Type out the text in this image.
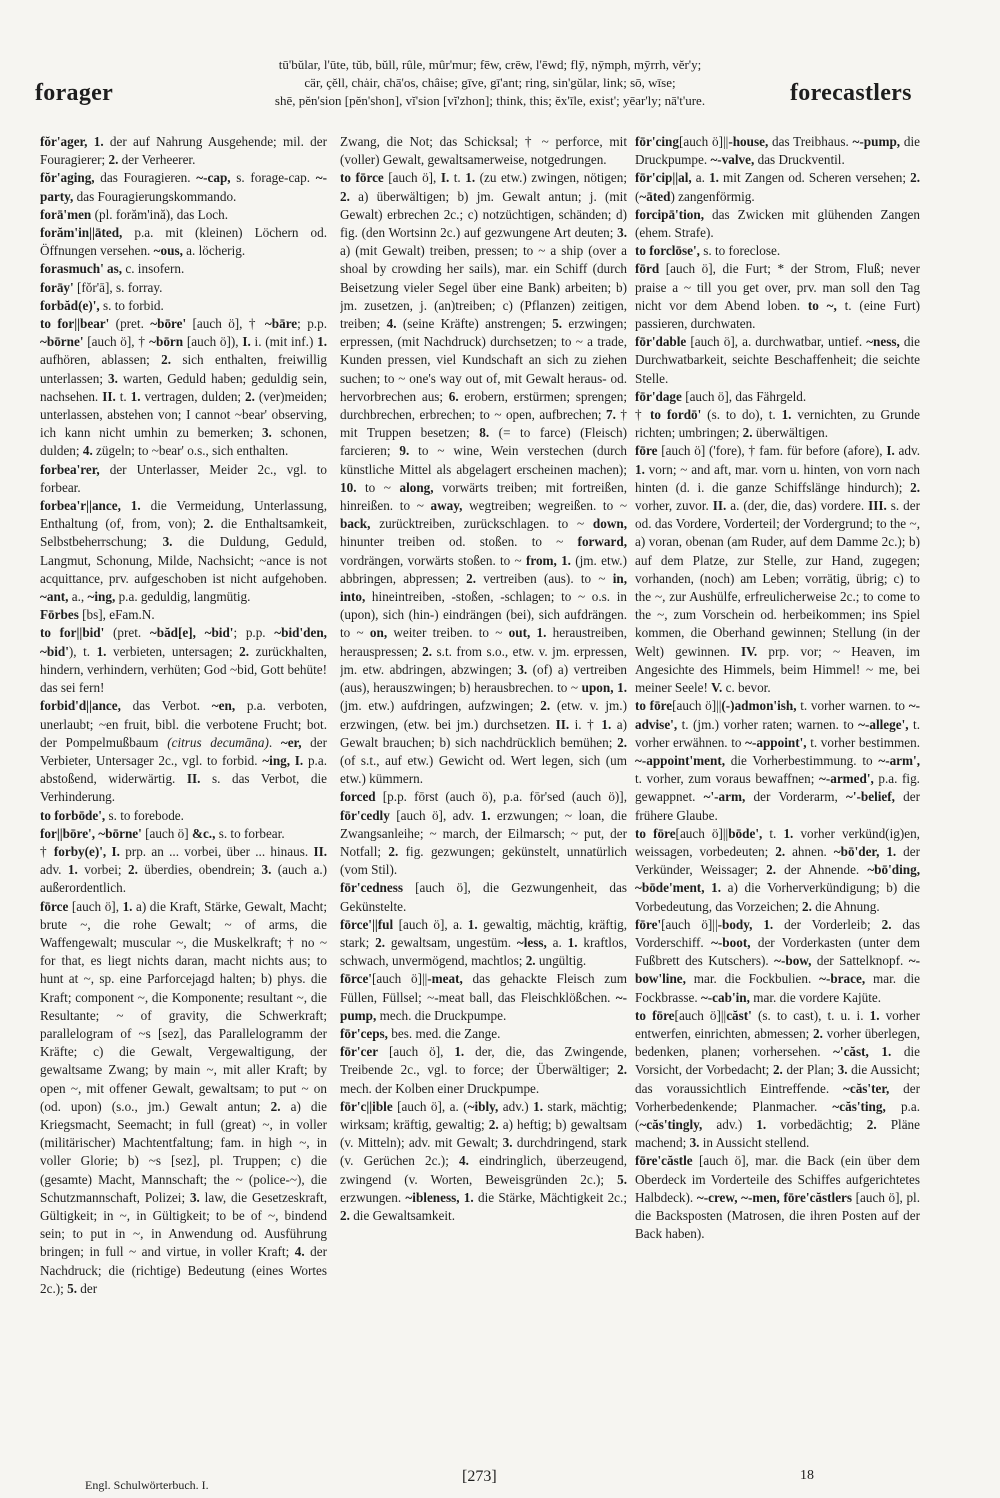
forager
tū'bŭlar, l'ūte, tŭb, bŭll, rûle, mûr'mur; fēw, crēw, l'ēwd; flȳ, nȳmph, mȳrrh, vĕr'y;
cär, çĕll, chȧir, chā'os, châise; gīve, gī'ant; ring, sin'gŭlar, link; sō, wīse;
shē, pĕn'sion [pĕn'shon], vĭ'sion [vĭ'zhon]; think, this; ĕx'īle, exist'; yēar'ly; nā't'ure.	forecastlers

fŏr'ager, 1. der auf Nahrung Ausgehende; mil. der Fouragierer; 2. der Verheerer.

fŏr'aging, das Fouragieren. ~-cap, s. forage-cap. ~-party, das Fouragierungskommando.

forā'men (pl. forăm'ină), das Loch.

forăm'in||āted, p.a. mit (kleinen) Löchern od. Öffnungen versehen. ~ous, a. löcherig.

forasmuch' as, c. insofern.

forāy' [fŏr'ā], s. forray.

forbăd(e)', s. to forbid.

to for||bear' (pret. ~bōre' [auch ö], † ~bāre; p.p. ~bōrne' [auch ö], † ~bōrn [auch ö]), I. i. (mit inf.) 1. aufhören, ablassen; 2. sich enthalten, freiwillig unterlassen; 3. warten, Geduld haben; geduldig sein, nachsehen. II. t. 1. vertragen, dulden; 2. (ver)meiden; unterlassen, abstehen von; I cannot ~bear' observing, ich kann nicht umhin zu bemerken; 3. schonen, dulden; 4. zügeln; to ~bear' o.s., sich enthalten.

forbea'rer, der Unterlasser, Meider 2c., vgl. to forbear.

forbea'r||ance, 1. die Vermeidung, Unterlassung, Enthaltung (of, from, von); 2. die Enthaltsamkeit, Selbstbeherrschung; 3. die Duldung, Geduld, Langmut, Schonung, Milde, Nachsicht; ~ance is not acquittance, prv. aufgeschoben ist nicht aufgehoben. ~ant, a., ~ing, p.a. geduldig, langmütig.

Fōrbes [bs], eFam.N.

to for||bid' (pret. ~băd[e], ~bid'; p.p. ~bid'den, ~bid'), t. 1. verbieten, untersagen; 2. zurückhalten, hindern, verhindern, verhüten; God ~bid, Gott behüte! das sei fern!

forbid'd||ance, das Verbot. ~en, p.a. verboten, unerlaubt; ~en fruit, bibl. die verbotene Frucht; bot. der Pompelmußbaum (citrus decumāna). ~er, der Verbieter, Untersager 2c., vgl. to forbid. ~ing, I. p.a. abstoßend, widerwärtig. II. s. das Verbot, die Verhinderung.

to forbōde', s. to forebode.

for||bōre', ~bōrne' [auch ö] &c., s. to forbear.

† forby(e)', I. prp. an ... vorbei, über ... hinaus. II. adv. 1. vorbei; 2. überdies, obendrein; 3. (auch a.) außerordentlich.

fōrce [auch ö], 1. a) die Kraft, Stärke, Gewalt, Macht; brute ~, die rohe Gewalt; ~ of arms, die Waffengewalt; muscular ~, die Muskelkraft; † no ~ for that, es liegt nichts daran, macht nichts aus; to hunt at ~, sp. eine Parforcejagd halten; b) phys. die Kraft; component ~, die Komponente; resultant ~, die Resultante; ~ of gravity, die Schwerkraft; parallelogram of ~s [sez], das Parallelogramm der Kräfte; c) die Gewalt, Vergewaltigung, der gewaltsame Zwang; by main ~, mit aller Kraft; by open ~, mit offener Gewalt, gewaltsam; to put ~ on (od. upon) (s.o., jm.) Gewalt antun; 2. a) die Kriegsmacht, Seemacht; in full (great) ~, in voller (militärischer) Machtentfaltung; fam. in high ~, in voller Glorie; b) ~s [sez], pl. Truppen; c) die (gesamte) Macht, Mannschaft; the ~ (police-~), die Schutzmannschaft, Polizei; 3. law, die Gesetzeskraft, Gültigkeit; in ~, in Gültigkeit; to be of ~, bindend sein; to put in ~, in Anwendung od. Ausführung bringen; in full ~ and virtue, in voller Kraft; 4. der Nachdruck; die (richtige) Bedeutung (eines Wortes 2c.); 5. der

Zwang, die Not; das Schicksal; † ~ perforce, mit (voller) Gewalt, gewaltsamerweise, notgedrungen.

to fōrce [auch ö], I. t. 1. (zu etw.) zwingen, nötigen; 2. a) überwältigen; b) jm. Gewalt antun; j. (mit Gewalt) erbrechen 2c.; c) notzüchtigen, schänden; d) fig. (den Wortsinn 2c.) auf gezwungene Art deuten; 3. a) (mit Gewalt) treiben, pressen; to ~ a ship (over a shoal by crowding her sails), mar. ein Schiff (durch Beisetzung vieler Segel über eine Bank) arbeiten; b) jm. zusetzen, j. (an)treiben; c) (Pflanzen) zeitigen, treiben; 4. (seine Kräfte) anstrengen; 5. erzwingen; erpressen, (mit Nachdruck) durchsetzen; to ~ a trade, Kunden pressen, viel Kundschaft an sich zu ziehen suchen; to ~ one's way out of, mit Gewalt heraus- od. hervorbrechen aus; 6. erobern, erstürmen; sprengen; durchbrechen, erbrechen; to ~ open, aufbrechen; 7. † mit Truppen besetzen; 8. (= to farce) (Fleisch) farcieren; 9. to ~ wine, Wein verstechen (durch künstliche Mittel als abgelagert erscheinen machen); 10. to ~ along, vorwärts treiben; mit fortreißen, hinreißen. to ~ away, wegtreiben; wegreißen. to ~ back, zurücktreiben, zurückschlagen. to ~ down, hinunter treiben od. stoßen. to ~ forward, vordrängen, vorwärts stoßen. to ~ from, 1. (jm. etw.) abbringen, abpressen; 2. vertreiben (aus). to ~ in, into, hineintreiben, -stoßen, -schlagen; to ~ o.s. in (upon), sich (hin-) eindrängen (bei), sich aufdrängen. to ~ on, weiter treiben. to ~ out, 1. heraustreiben, herauspressen; 2. s.t. from s.o., etw. v. jm. erpressen, jm. etw. abdringen, abzwingen; 3. (of) a) vertreiben (aus), herauszwingen; b) herausbrechen. to ~ upon, 1. (jm. etw.) aufdringen, aufzwingen; 2. (etw. v. jm.) erzwingen, (etw. bei jm.) durchsetzen. II. i. † 1. a) Gewalt brauchen; b) sich nachdrücklich bemühen; 2. (of s.t., auf etw.) Gewicht od. Wert legen, sich (um etw.) kümmern.

forced [p.p. fōrst (auch ö), p.a. fōr'sed (auch ö)], fōr'cedly [auch ö], adv. 1. erzwungen; ~ loan, die Zwangsanleihe; ~ march, der Eilmarsch; ~ put, der Notfall; 2. fig. gezwungen; gekünstelt, unnatürlich (vom Stil).

fōr'cedness [auch ö], die Gezwungenheit, das Gekünstelte.

fōrce'||ful [auch ö], a. 1. gewaltig, mächtig, kräftig, stark; 2. gewaltsam, ungestüm. ~less, a. 1. kraftlos, schwach, unvermögend, machtlos; 2. ungültig.

fōrce'[auch ö]||-meat, das gehackte Fleisch zum Füllen, Füllsel; ~-meat ball, das Fleischklößchen. ~-pump, mech. die Druckpumpe.

fōr'ceps, bes. med. die Zange.

fōr'cer [auch ö], 1. der, die, das Zwingende, Treibende 2c., vgl. to force; der Überwältiger; 2. mech. der Kolben einer Druckpumpe.

fōr'c||ible [auch ö], a. (~ibly, adv.) 1. stark, mächtig; wirksam; kräftig, gewaltig; 2. a) heftig; b) gewaltsam (v. Mitteln); adv. mit Gewalt; 3. durchdringend, stark (v. Gerüchen 2c.); 4. eindringlich, überzeugend, zwingend (v. Worten, Beweisgründen 2c.); 5. erzwungen. ~ibleness, 1. die Stärke, Mächtigkeit 2c.; 2. die Gewaltsamkeit.

fōr'cing[auch ö]||-house, das Treibhaus. ~-pump, die Druckpumpe. ~-valve, das Druckventil.

fōr'cip||al, a. 1. mit Zangen od. Scheren versehen; 2. (~āted) zangenförmig.

forcipā'tion, das Zwicken mit glühenden Zangen (ehem. Strafe).

to forclōse', s. to foreclose.

fōrd [auch ö], die Furt; * der Strom, Fluß; never praise a ~ till you get over, prv. man soll den Tag nicht vor dem Abend loben. to ~, t. (eine Furt) passieren, durchwaten.

fōr'dable [auch ö], a. durchwatbar, untief. ~ness, die Durchwatbarkeit, seichte Beschaffenheit; die seichte Stelle.

fōr'dage [auch ö], das Fährgeld.

† to fordō' (s. to do), t. 1. vernichten, zu Grunde richten; umbringen; 2. überwältigen.

fōre [auch ö] ('fore), † fam. für before (afore), I. adv. 1. vorn; ~ and aft, mar. vorn u. hinten, von vorn nach hinten (d. i. die ganze Schiffslänge hindurch); 2. vorher, zuvor. II. a. (der, die, das) vordere. III. s. der od. das Vordere, Vorderteil; der Vordergrund; to the ~, a) voran, obenan (am Ruder, auf dem Damme 2c.); b) auf dem Platze, zur Stelle, zur Hand, zugegen; vorhanden, (noch) am Leben; vorrätig, übrig; c) to the ~, zur Aushülfe, erfreulicherweise 2c.; to come to the ~, zum Vorschein od. herbeikommen; ins Spiel kommen, die Oberhand gewinnen; Stellung (in der Welt) gewinnen. IV. prp. vor; ~ Heaven, im Angesichte des Himmels, beim Himmel! ~ me, bei meiner Seele! V. c. bevor.

to fōre[auch ö]||(-)admon'ish, t. vorher warnen. to ~-advise', t. (jm.) vorher raten; warnen. to ~-allege', t. vorher erwähnen. to ~-appoint', t. vorher bestimmen. ~-appoint'ment, die Vorherbestimmung. to ~-arm', t. vorher, zum voraus bewaffnen; ~-armed', p.a. fig. gewappnet. ~'-arm, der Vorderarm, ~'-belief, der frühere Glaube.

to fōre[auch ö]||bōde', t. 1. vorher verkünd(ig)en, weissagen, vorbedeuten; 2. ahnen. ~bō'der, 1. der Verkünder, Weissager; 2. der Ahnende. ~bō'ding, ~bōde'ment, 1. a) die Vorherverkündigung; b) die Vorbedeutung, das Vorzeichen; 2. die Ahnung.

fōre'[auch ö]||-body, 1. der Vorderleib; 2. das Vorderschiff. ~-boot, der Vorderkasten (unter dem Fußbrett des Kutschers). ~-bow, der Sattelknopf. ~-bow'line, mar. die Fockbulien. ~-brace, mar. die Fockbrasse. ~-cab'in, mar. die vordere Kajüte.

to fōre[auch ö]||căst' (s. to cast), t. u. i. 1. vorher entwerfen, einrichten, abmessen; 2. vorher überlegen, bedenken, planen; vorhersehen. ~'căst, 1. die Vorsicht, der Vorbedacht; 2. der Plan; 3. die Aussicht; das voraussichtlich Eintreffende. ~căs'ter, der Vorherbedenkende; Planmacher. ~căs'ting, p.a. (~căs'tingly, adv.) 1. vorbedächtig; 2. Pläne machend; 3. in Aussicht stellend.

fōre'căstle [auch ö], mar. die Back (ein über dem Oberdeck im Vorderteile des Schiffes aufgerichtetes Halbdeck). ~-crew, ~-men, fōre'căstlers [auch ö], pl. die Backsposten (Matrosen, die ihren Posten auf der Back haben).

Engl. Schulwörterbuch. I.	[273]	18
